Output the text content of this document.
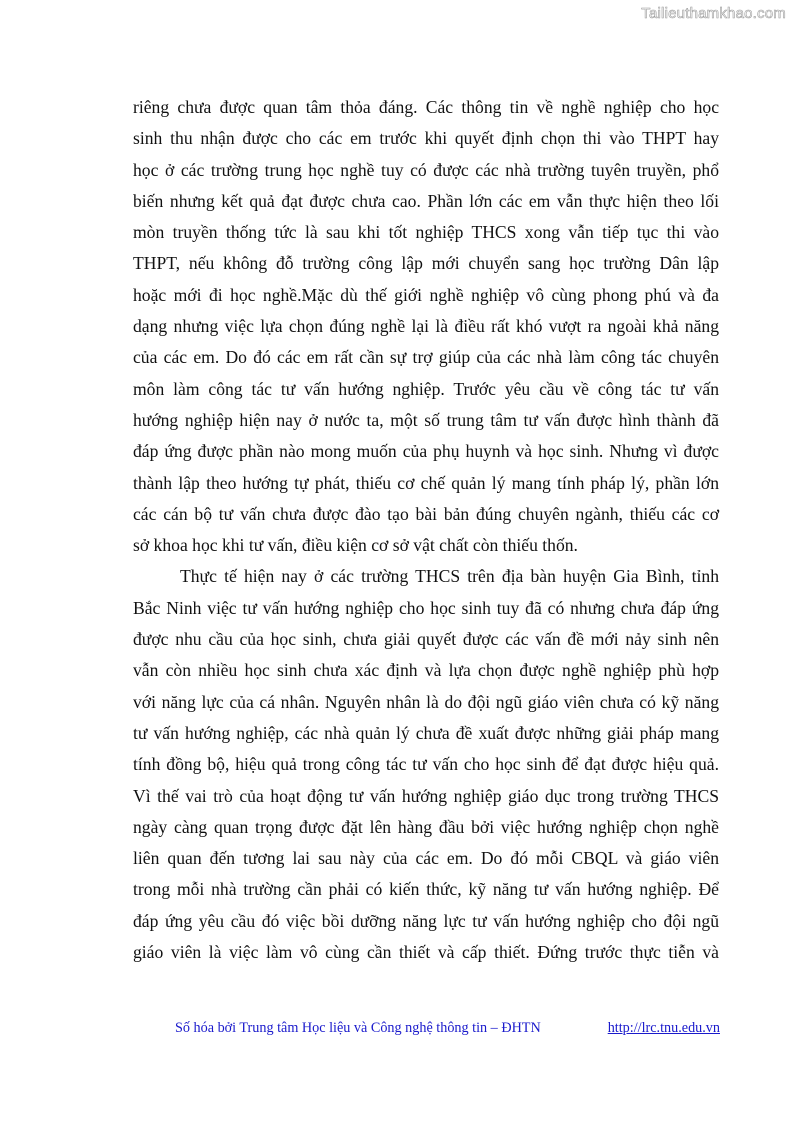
Tailieuthamkhao.com
riêng chưa được quan tâm thỏa đáng. Các thông tin về nghề nghiệp cho học
sinh thu nhận được cho các em trước khi quyết định chọn thi vào THPT hay
học ở các trường trung học nghề tuy có được các nhà trường tuyên truyền, phổ
biến nhưng kết quả đạt được chưa cao. Phần lớn các em vẫn thực hiện theo lối
mòn truyền thống tức là sau khi tốt nghiệp THCS xong vẫn tiếp tục thi vào
THPT, nếu không đỗ trường công lập mới chuyển sang học trường Dân lập
hoặc mới đi học nghề.Mặc dù thế giới nghề nghiệp vô cùng phong phú và đa
dạng nhưng việc lựa chọn đúng nghề lại là điều rất khó vượt ra ngoài khả năng
của các em. Do đó các em rất cần sự trợ giúp của các nhà làm công tác chuyên
môn làm công tác tư vấn hướng nghiệp. Trước yêu cầu về công tác tư vấn
hướng nghiệp hiện nay ở nước ta, một số trung tâm tư vấn được hình thành đã
đáp ứng được phần nào mong muốn của phụ huynh và học sinh. Nhưng vì được
thành lập theo hướng tự phát, thiếu cơ chế quản lý mang tính pháp lý, phần lớn
các cán bộ tư vấn chưa được đào tạo bài bản đúng chuyên ngành, thiếu các cơ
sở khoa học khi tư vấn, điều kiện cơ sở vật chất còn thiếu thốn.
Thực tế hiện nay ở các trường THCS trên địa bàn huyện Gia Bình, tỉnh
Bắc Ninh việc tư vấn hướng nghiệp cho học sinh tuy đã có nhưng chưa đáp ứng
được nhu cầu của học sinh, chưa giải quyết được các vấn đề mới nảy sinh nên
vẫn còn nhiều học sinh chưa xác định và lựa chọn được nghề nghiệp phù hợp
với năng lực của cá nhân. Nguyên nhân là do đội ngũ giáo viên chưa có kỹ năng
tư vấn hướng nghiệp, các nhà quản lý chưa đề xuất được những giải pháp mang
tính đồng bộ, hiệu quả trong công tác tư vấn cho học sinh để đạt được hiệu quả.
Vì thế vai trò của hoạt động tư vấn hướng nghiệp giáo dục trong trường THCS
ngày càng quan trọng được đặt lên hàng đầu bởi việc hướng nghiệp chọn nghề
liên quan đến tương lai sau này của các em. Do đó mỗi CBQL và giáo viên
trong mỗi nhà trường cần phải có kiến thức, kỹ năng tư vấn hướng nghiệp. Để
đáp ứng yêu cầu đó việc bồi dưỡng năng lực tư vấn hướng nghiệp cho đội ngũ
giáo viên là việc làm vô cùng cần thiết và cấp thiết. Đứng trước thực tiễn và
Số hóa bởi Trung tâm Học liệu và Công nghệ thông tin – ĐHTN	http://lrc.tnu.edu.vn
